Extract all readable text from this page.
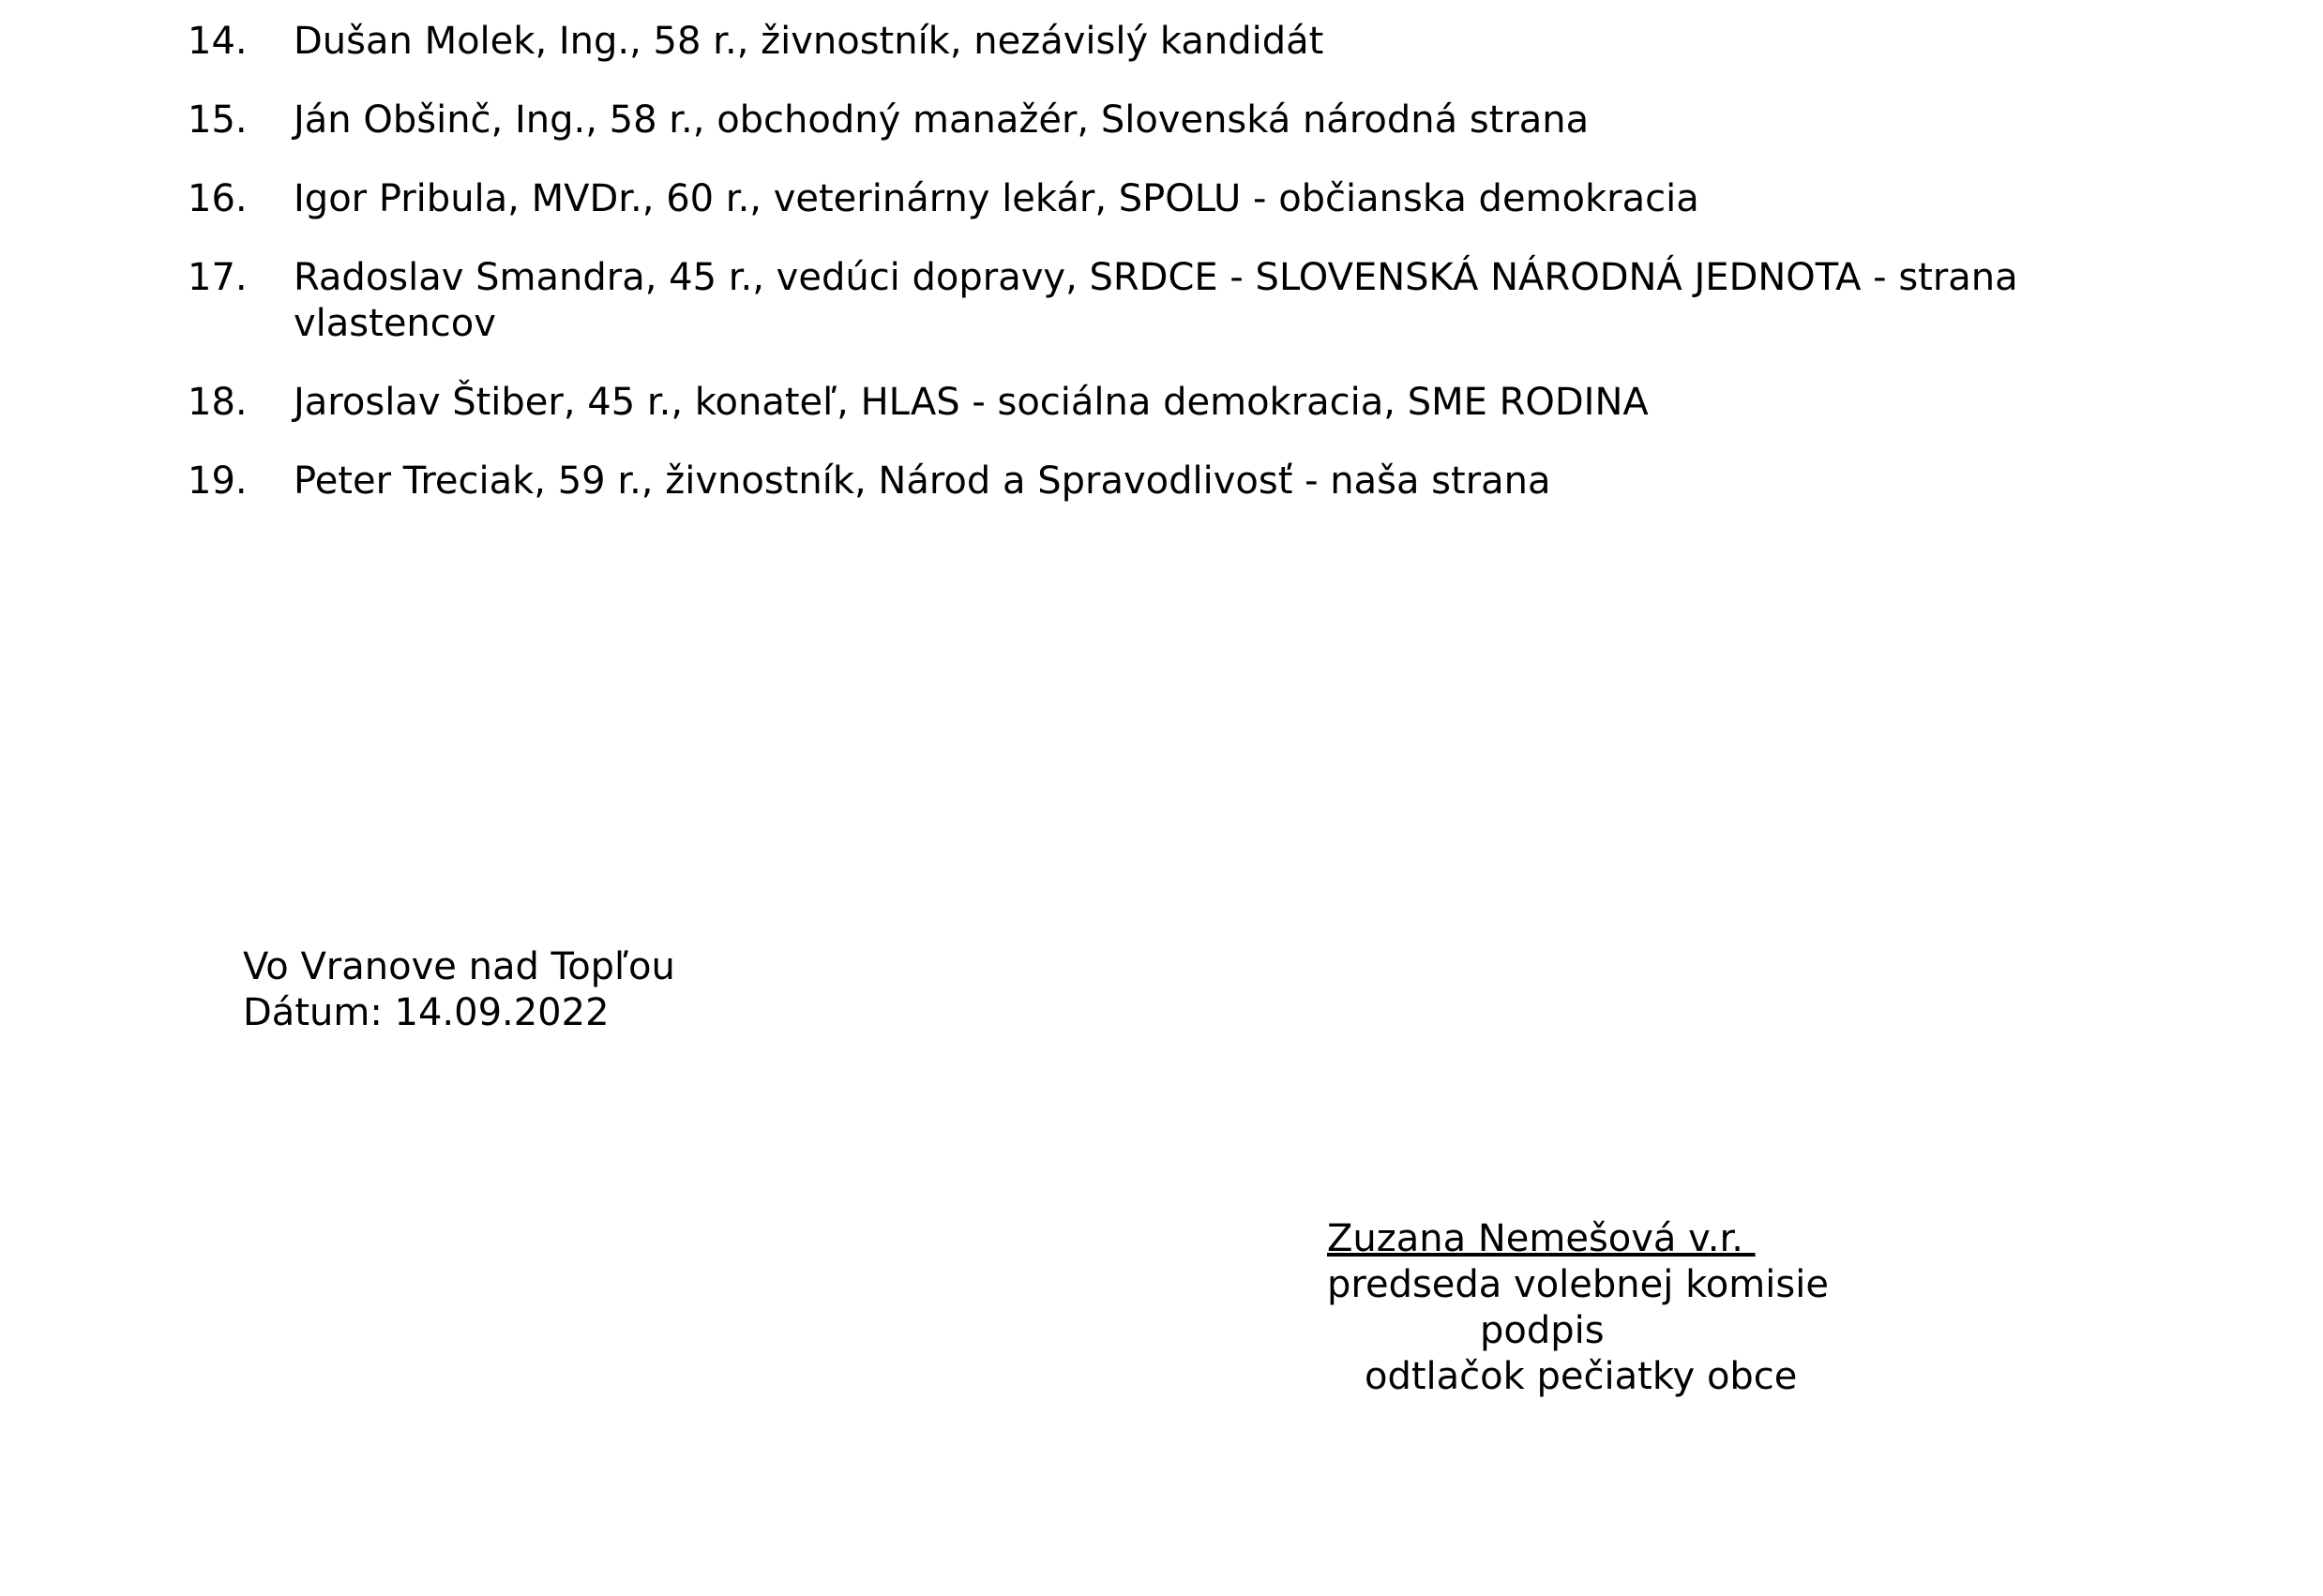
14.	Dušan Molek, Ing., 58 r., živnostník, nezávislý kandidát
15.	Ján Obšinč, Ing., 58 r., obchodný manažér, Slovenská národná strana
16.	Igor Pribula, MVDr., 60 r., veterinárny lekár, SPOLU - občianska demokracia
17.	Radoslav Smandra, 45 r., vedúci dopravy, SRDCE - SLOVENSKÁ NÁRODNÁ JEDNOTA - strana vlastencov
18.	Jaroslav Štiber, 45 r., konateľ, HLAS - sociálna demokracia, SME RODINA
19.	Peter Treciak, 59 r., živnostník, Národ a Spravodlivosť - naša strana
Vo Vranove nad Topľou
Dátum: 14.09.2022
Zuzana Nemešová v.r.
predseda volebnej komisie
podpis
odtlačok pečiatky obce
